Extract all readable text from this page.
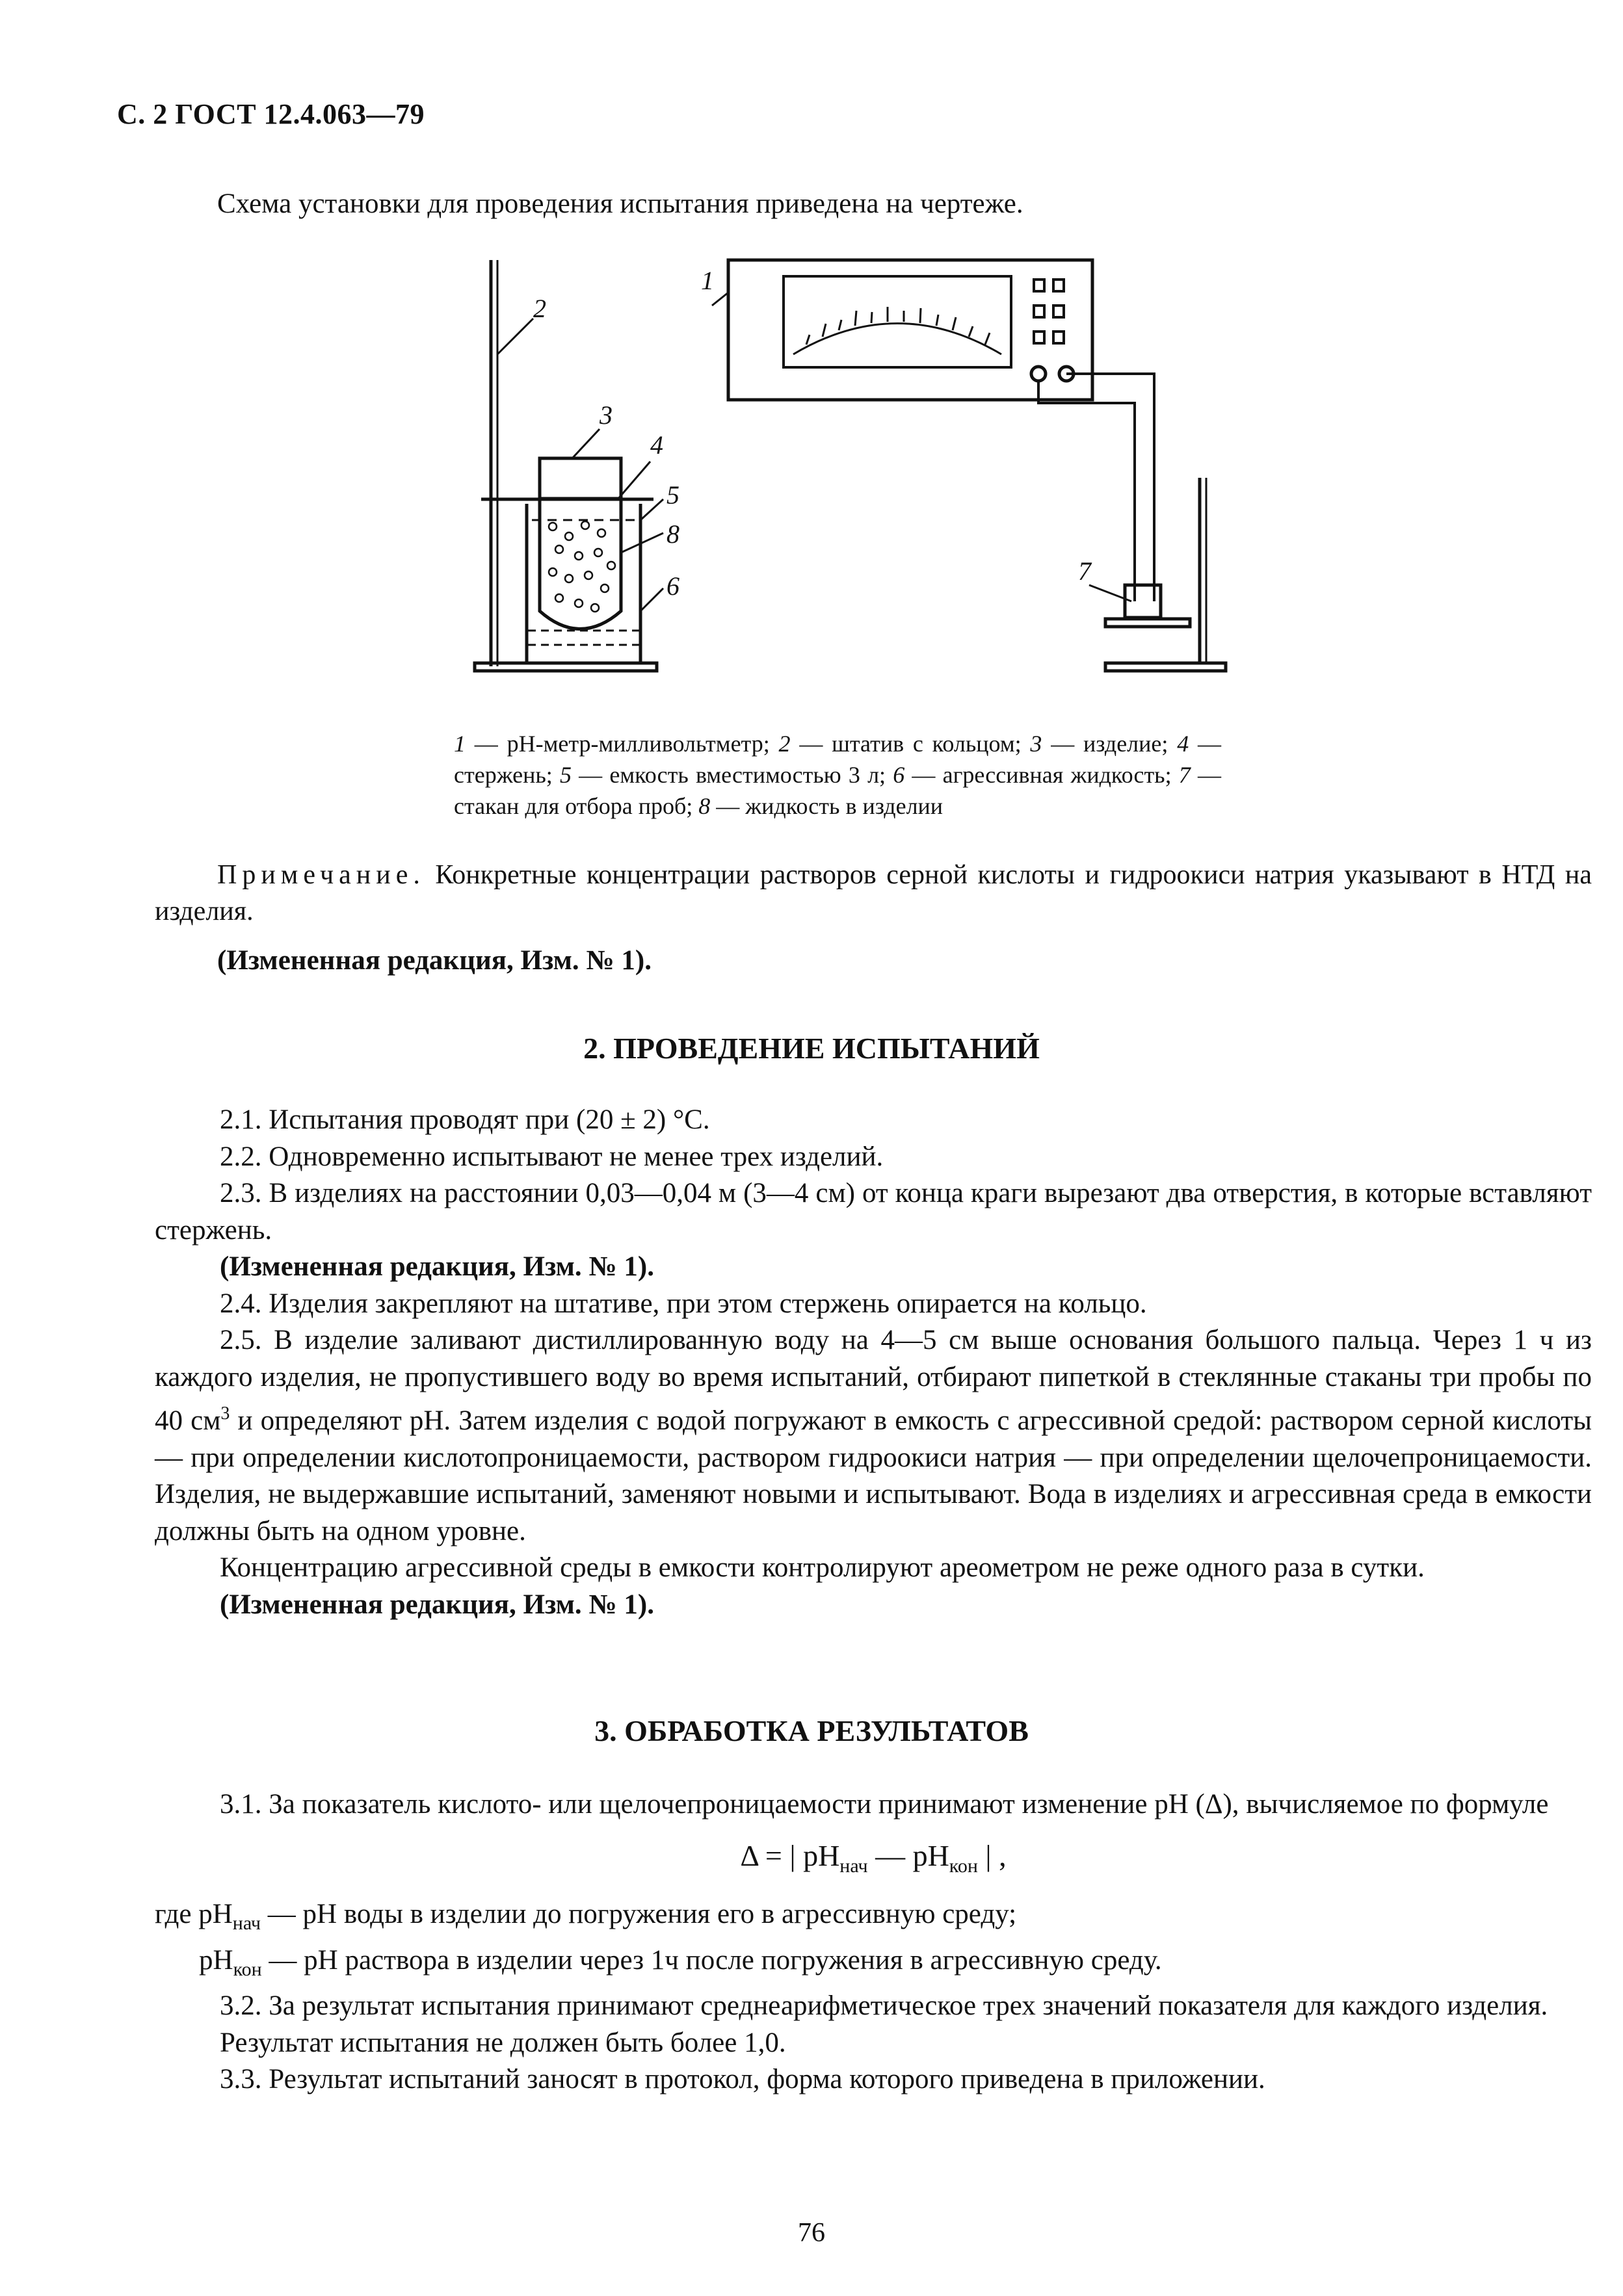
С. 2 ГОСТ 12.4.063—79
Схема установки для проведения испытания приведена на чертеже.
1
2
3
4
5
6
7
8
1 — рН-метр-милливольтметр; 2 — штатив с кольцом; 3 — изделие; 4 — стержень; 5 — емкость вместимостью 3 л; 6 — агрессивная жидкость; 7 — стакан для отбора проб; 8 — жидкость в изделии
Примечание. Конкретные концентрации растворов серной кислоты и гидроокиси натрия указывают в НТД на изделия.
(Измененная редакция, Изм. № 1).
2. ПРОВЕДЕНИЕ ИСПЫТАНИЙ

2.1. Испытания проводят при (20 ± 2) °С.

2.2. Одновременно испытывают не менее трех изделий.

2.3. В изделиях на расстоянии 0,03—0,04 м (3—4 см) от конца краги вырезают два отверстия, в которые вставляют стержень.

(Измененная редакция, Изм. № 1).

2.4. Изделия закрепляют на штативе, при этом стержень опирается на кольцо.

2.5. В изделие заливают дистиллированную воду на 4—5 см выше основания большого пальца. Через 1 ч из каждого изделия, не пропустившего воду во время испытаний, отбирают пипеткой в стеклянные стаканы три пробы по 40 $см^3$ и определяют рН. Затем изделия с водой погружают в емкость с агрессивной средой: раствором серной кислоты — при определении кислотопроницаемости, раствором гидроокиси натрия — при определении щелочепроницаемости. Изделия, не выдержавшие испытаний, заменяют новыми и испытывают. Вода в изделиях и агрессивная среда в емкости должны быть на одном уровне.

Концентрацию агрессивной среды в емкости контролируют ареометром не реже одного раза в сутки.

(Измененная редакция, Изм. № 1).

3. ОБРАБОТКА РЕЗУЛЬТАТОВ

3.1. За показатель кислото- или щелочепроницаемости принимают изменение рН (Δ), вычисляемое по формуле

Δ = | $рН_{нач}$ — $рН_{кон}$ | ,

где $рН_{нач}$ — рН воды в изделии до погружения его в агрессивную среду;

$рН_{кон}$ — рН раствора в изделии через 1ч после погружения в агрессивную среду.

3.2. За результат испытания принимают среднеарифметическое трех значений показателя для каждого изделия.

Результат испытания не должен быть более 1,0.

3.3. Результат испытаний заносят в протокол, форма которого приведена в приложении.

76
